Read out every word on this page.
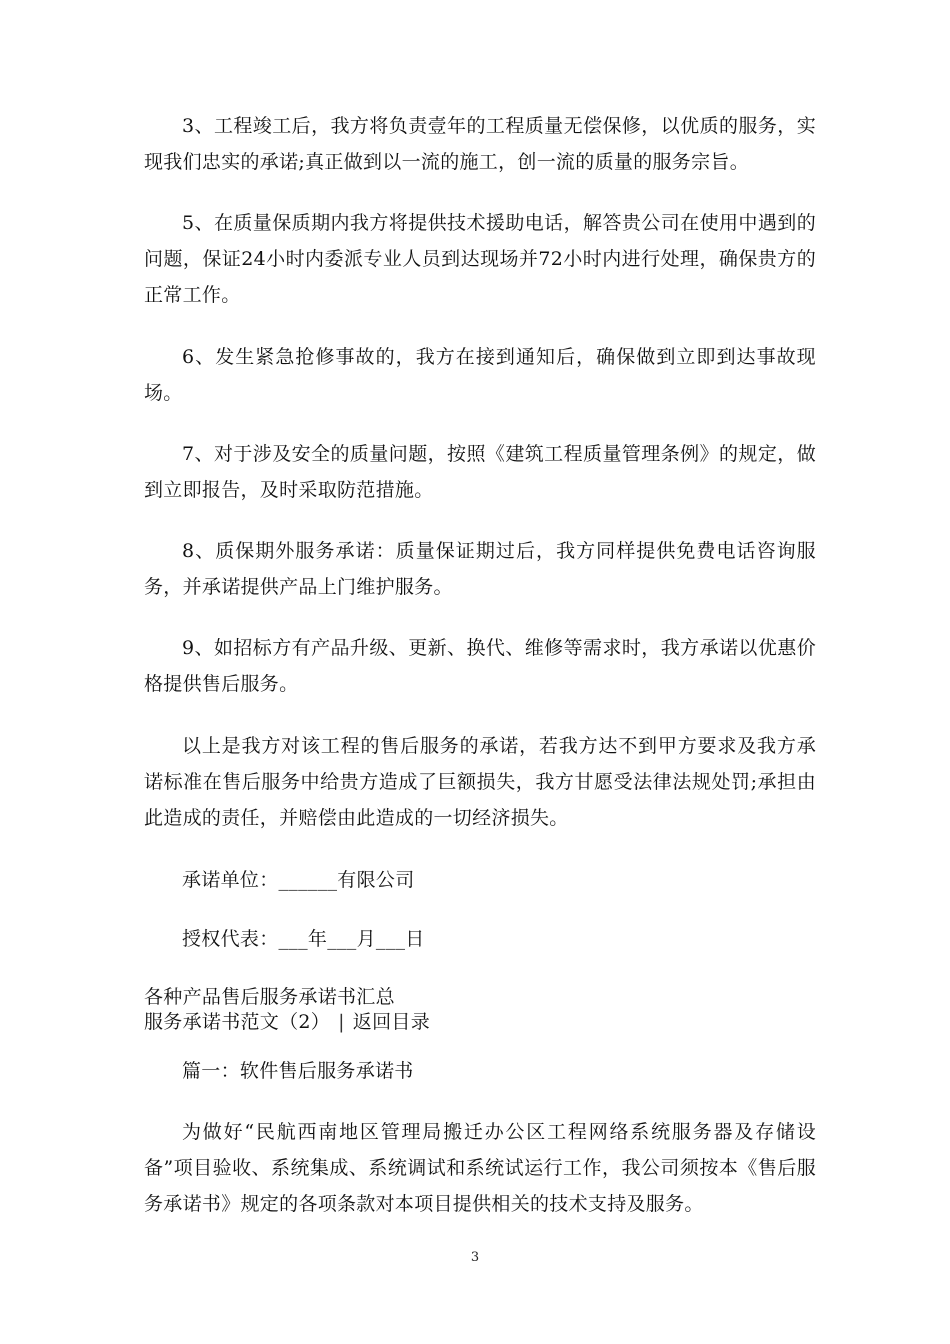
3、工程竣工后，我方将负责壹年的工程质量无偿保修，以优质的服务，实现我们忠实的承诺;真正做到以一流的施工，创一流的质量的服务宗旨。

5、在质量保质期内我方将提供技术援助电话，解答贵公司在使用中遇到的问题，保证24小时内委派专业人员到达现场并72小时内进行处理，确保贵方的正常工作。

6、发生紧急抢修事故的，我方在接到通知后，确保做到立即到达事故现场。

7、对于涉及安全的质量问题，按照《建筑工程质量管理条例》的规定，做到立即报告，及时采取防范措施。

8、质保期外服务承诺：质量保证期过后，我方同样提供免费电话咨询服务，并承诺提供产品上门维护服务。

9、如招标方有产品升级、更新、换代、维修等需求时，我方承诺以优惠价格提供售后服务。

以上是我方对该工程的售后服务的承诺，若我方达不到甲方要求及我方承诺标准在售后服务中给贵方造成了巨额损失，我方甘愿受法律法规处罚;承担由此造成的责任，并赔偿由此造成的一切经济损失。

承诺单位：______有限公司

授权代表：___年___月___日

各种产品售后服务承诺书汇总

服务承诺书范文（2） | 返回目录

篇一：软件售后服务承诺书

为做好“民航西南地区管理局搬迁办公区工程网络系统服务器及存储设备”项目验收、系统集成、系统调试和系统试运行工作，我公司须按本《售后服务承诺书》规定的各项条款对本项目提供相关的技术支持及服务。

3
